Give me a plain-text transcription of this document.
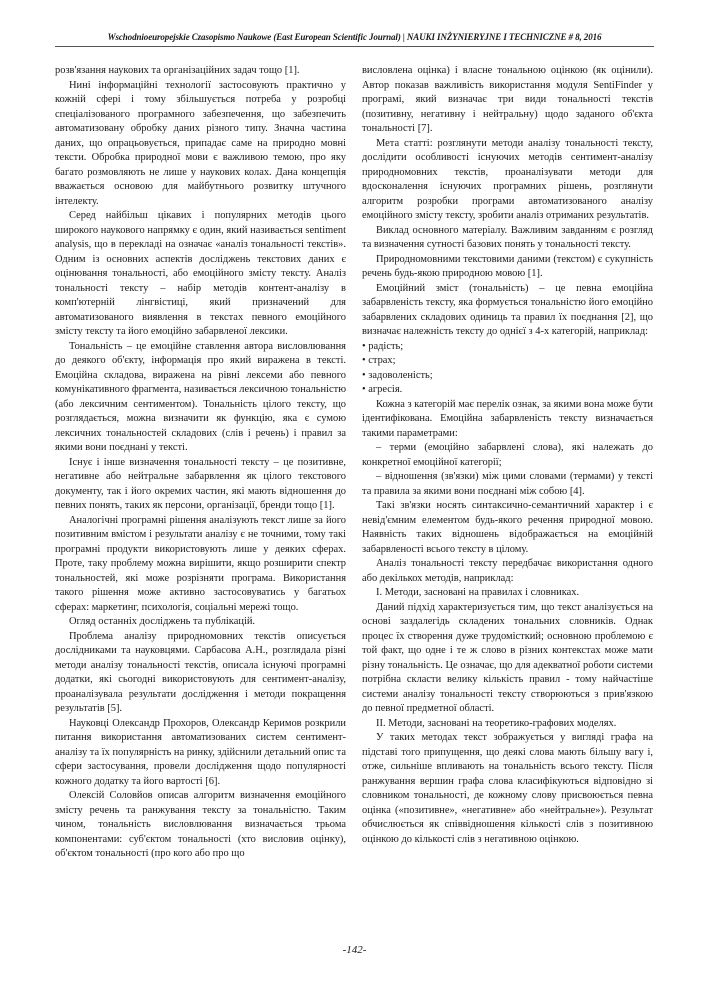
Wschodnioeuropejskie Czasopismo Naukowe (East European Scientific Journal) | NAUKI INŻYNIERYJNE I TECHNICZNE # 8, 2016

розв'язання наукових та організаційних задач тощо [1].

Нині інформаційні технології застосовують практично у кожній сфері і тому збільшується потреба у розробці спеціалізованого програмного забезпечення, що забезпечить автоматизовану обробку даних різного типу. Значна частина даних, що опрацьовується, припадає саме на природно мовні тексти. Обробка природної мови є важливою темою, про яку багато розмовляють не лише у наукових колах. Дана концепція вважається основою для майбутнього розвитку штучного інтелекту.

Серед найбільш цікавих і популярних методів цього широкого наукового напрямку є один, який називається sentiment analysis, що в перекладі на означає «аналіз тональності текстів». Одним із основних аспектів досліджень текстових даних є оцінювання тональності, або емоційного змісту тексту. Аналіз тональності тексту – набір методів контент-аналізу в комп'ютерній лінгвістиці, який призначений для автоматизованого виявлення в текстах певного емоційного змісту тексту та його емоційно забарвленої лексики.

Тональність – це емоційне ставлення автора висловлювання до деякого об'єкту, інформація про який виражена в тексті. Емоційна складова, виражена на рівні лексеми або певного комунікативного фрагмента, називається лексичною тональністю (або лексичним сентиментом). Тональність цілого тексту, що розглядається, можна визначити як функцію, яка є сумою лексичних тональностей складових (слів і речень) і правил за якими вони поєднані у тексті.

Існує і інше визначення тональності тексту – це позитивне, негативне або нейтральне забарвлення як цілого текстового документу, так і його окремих частин, які мають відношення до певних понять, таких як персони, організації, бренди тощо [1].

Аналогічні програмні рішення аналізують текст лише за його позитивним вмістом і результати аналізу є не точними, тому такі програмні продукти використовують лише у деяких сферах. Проте, таку проблему можна вирішити, якщо розширити спектр тональностей, які може розрізняти програма. Використання такого рішення може активно застосовуватись у багатьох сферах: маркетинг, психологія, соціальні мережі тощо.

Огляд останніх досліджень та публікацій.

Проблема аналізу природномовних текстів описується дослідниками та науковцями. Сарбасова А.Н., розглядала різні методи аналізу тональності текстів, описала існуючі програмні додатки, які сьогодні використовують для сентимент-аналізу, проаналізувала результати дослідження і методи покращення результатів [5].

Науковці Олександр Прохоров, Олександр Керимов розкрили питання використання автоматизованих систем сентимент-аналізу та їх популярність на ринку, здійснили детальний опис та сфери застосування, провели дослідження щодо популярності кожного додатку та його вартості [6].

Олексій Соловйов описав алгоритм визначення емоційного змісту речень та ранжування тексту за тональністю. Таким чином, тональність висловлювання визначається трьома компонентами: суб'єктом тональності (хто висловив оцінку), об'єктом тональності (про кого або про що

висловлена оцінка) і власне тональною оцінкою (як оцінили). Автор показав важливість використання модуля SentiFinder у програмі, який визначає три види тональності текстів (позитивну, негативну і нейтральну) щодо заданого об'єкта тональності [7].

Мета статті: розглянути методи аналізу тональності тексту, дослідити особливості існуючих методів сентимент-аналізу природномовних текстів, проаналізувати методи для вдосконалення існуючих програмних рішень, розглянути алгоритм розробки програми автоматизованого аналізу емоційного змісту тексту, зробити аналіз отриманих результатів.

Виклад основного матеріалу. Важливим завданням є розгляд та визначення сутності базових понять у тональності тексту.

Природномовними текстовими даними (текстом) є сукупність речень будь-якою природною мовою [1].

Емоційний зміст (тональність) – це певна емоційна забарвленість тексту, яка формується тональністю його емоційно забарвлених складових одиниць та правил їх поєднання [2], що визначає належність тексту до однієї з 4-х категорій, наприклад:

• радість;

• страх;

• задоволеність;

• агресія.

Кожна з категорій має перелік ознак, за якими вона може бути ідентифікована. Емоційна забарвленість тексту визначається такими параметрами:

– терми (емоційно забарвлені слова), які належать до конкретної емоційної категорії;

– відношення (зв'язки) між цими словами (термами) у тексті та правила за якими вони поєднані між собою [4].

Такі зв'язки носять синтаксично-семантичний характер і є невід'ємним елементом будь-якого речення природної мовою. Наявність таких відношень відображається на емоційній забарвленості всього тексту в цілому.

Аналіз тональності тексту передбачає використання одного або декількох методів, наприклад:

I. Методи, засновані на правилах і словниках.

Даний підхід характеризується тим, що текст аналізується на основі заздалегідь складених тональних словників. Однак процес їх створення дуже трудомісткий; основною проблемою є той факт, що одне і те ж слово в різних контекстах може мати різну тональність. Це означає, що для адекватної роботи системи потрібна скласти велику кількість правил - тому найчастіше системи аналізу тональності тексту створюються з прив'язкою до певної предметної області.

II. Методи, засновані на теоретико-графових моделях.

У таких методах текст зображується у вигляді графа на підставі того припущення, що деякі слова мають більшу вагу і, отже, сильніше впливають на тональність всього тексту. Після ранжування вершин графа слова класифікуються відповідно зі словником тональності, де кожному слову присвоюється певна оцінка («позитивне», «негативне» або «нейтральне»). Результат обчислюється як співвідношення кількості слів з позитивною оцінкою до кількості слів з негативною оцінкою.

-142-
